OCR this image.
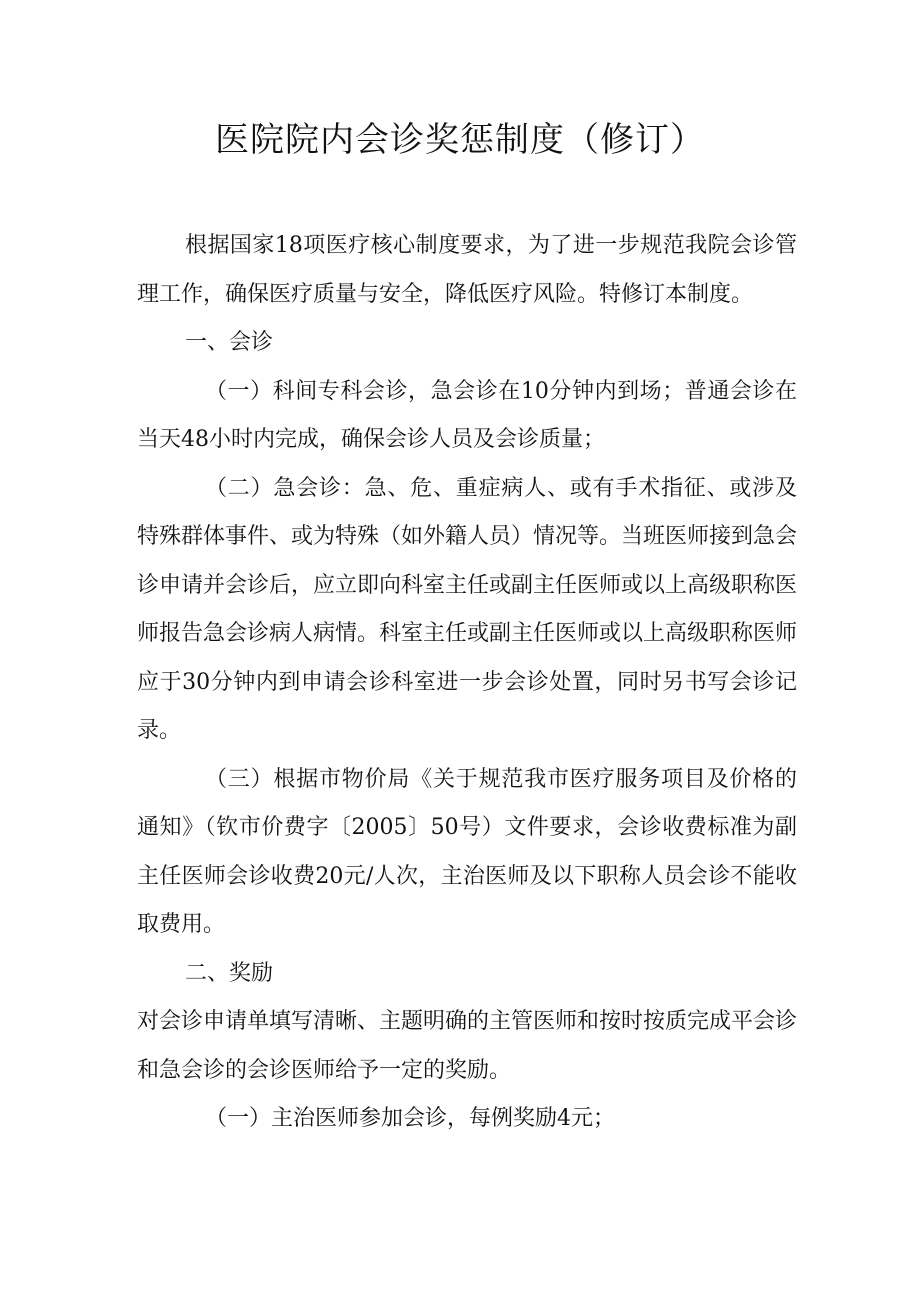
医院院内会诊奖惩制度（修订）

根据国家18项医疗核心制度要求，为了进一步规范我院会诊管理工作，确保医疗质量与安全，降低医疗风险。特修订本制度。

一、会诊

（一）科间专科会诊，急会诊在10分钟内到场；普通会诊在当天48小时内完成，确保会诊人员及会诊质量；

（二）急会诊：急、危、重症病人、或有手术指征、或涉及特殊群体事件、或为特殊（如外籍人员）情况等。当班医师接到急会诊申请并会诊后，应立即向科室主任或副主任医师或以上高级职称医师报告急会诊病人病情。科室主任或副主任医师或以上高级职称医师应于30分钟内到申请会诊科室进一步会诊处置，同时另书写会诊记录。

（三）根据市物价局《关于规范我市医疗服务项目及价格的通知》（钦市价费字〔2005〕50号）文件要求，会诊收费标准为副主任医师会诊收费20元/人次，主治医师及以下职称人员会诊不能收取费用。

二、奖励

对会诊申请单填写清晰、主题明确的主管医师和按时按质完成平会诊和急会诊的会诊医师给予一定的奖励。

（一）主治医师参加会诊，每例奖励4元；
